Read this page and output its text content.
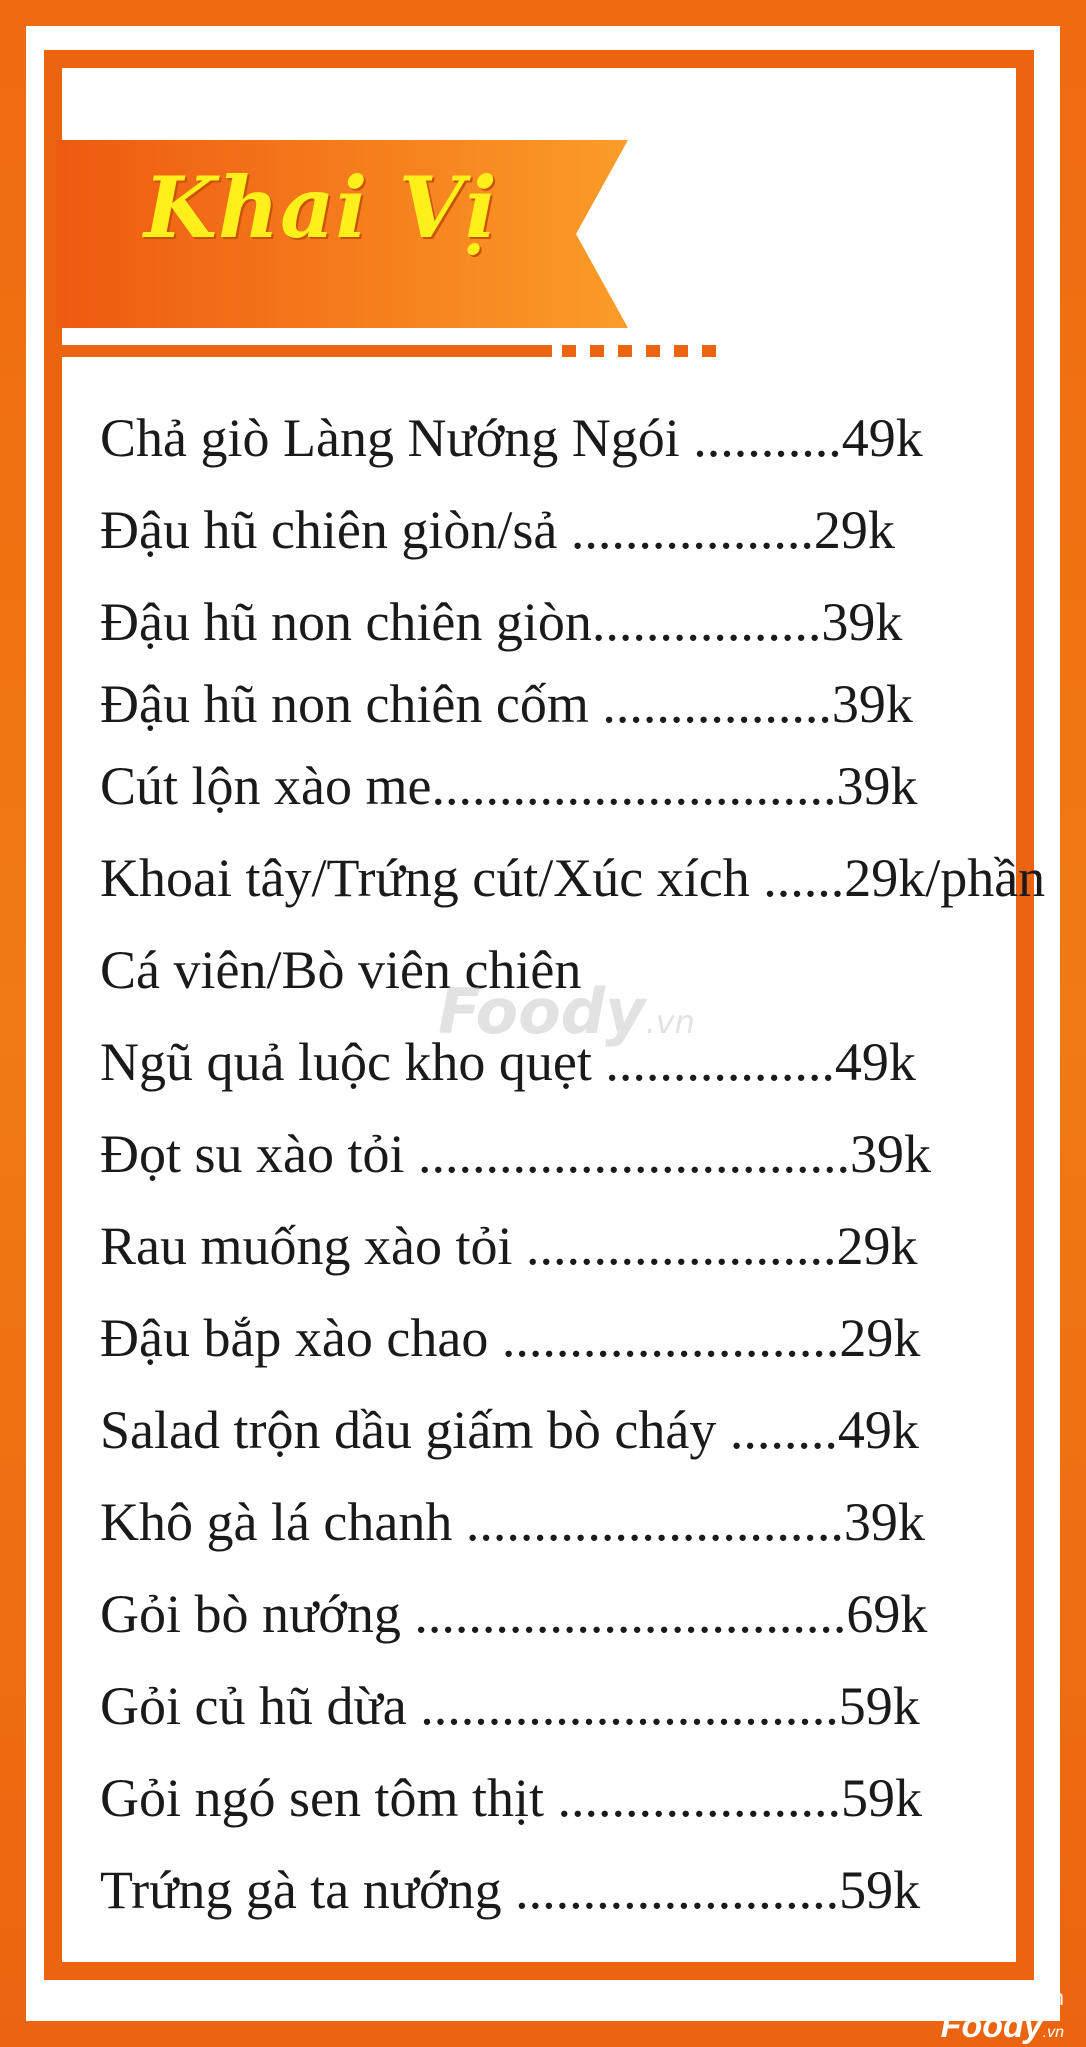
Khai Vị
Chả giò Làng Nướng Ngói ...........49k
Đậu hũ chiên giòn/sả ..................29k
Đậu hũ non chiên giòn.................39k
Đậu hũ non chiên cốm .................39k
Cút lộn xào me..............................39k
Khoai tây/Trứng cút/Xúc xích ......29k/phần
Cá viên/Bò viên chiên
Ngũ quả luộc kho quẹt .................49k
Đọt su xào tỏi ................................39k
Rau muống xào tỏi .......................29k
Đậu bắp xào chao .........................29k
Salad trộn dầu giấm bò cháy ........49k
Khô gà lá chanh ............................39k
Gỏi bò nướng ................................69k
Gỏi củ hũ dừa ...............................59k
Gỏi ngó sen tôm thịt .....................59k
Trứng gà ta nướng ........................59k
Foody.vn
Tan Kim
Foody.vn
